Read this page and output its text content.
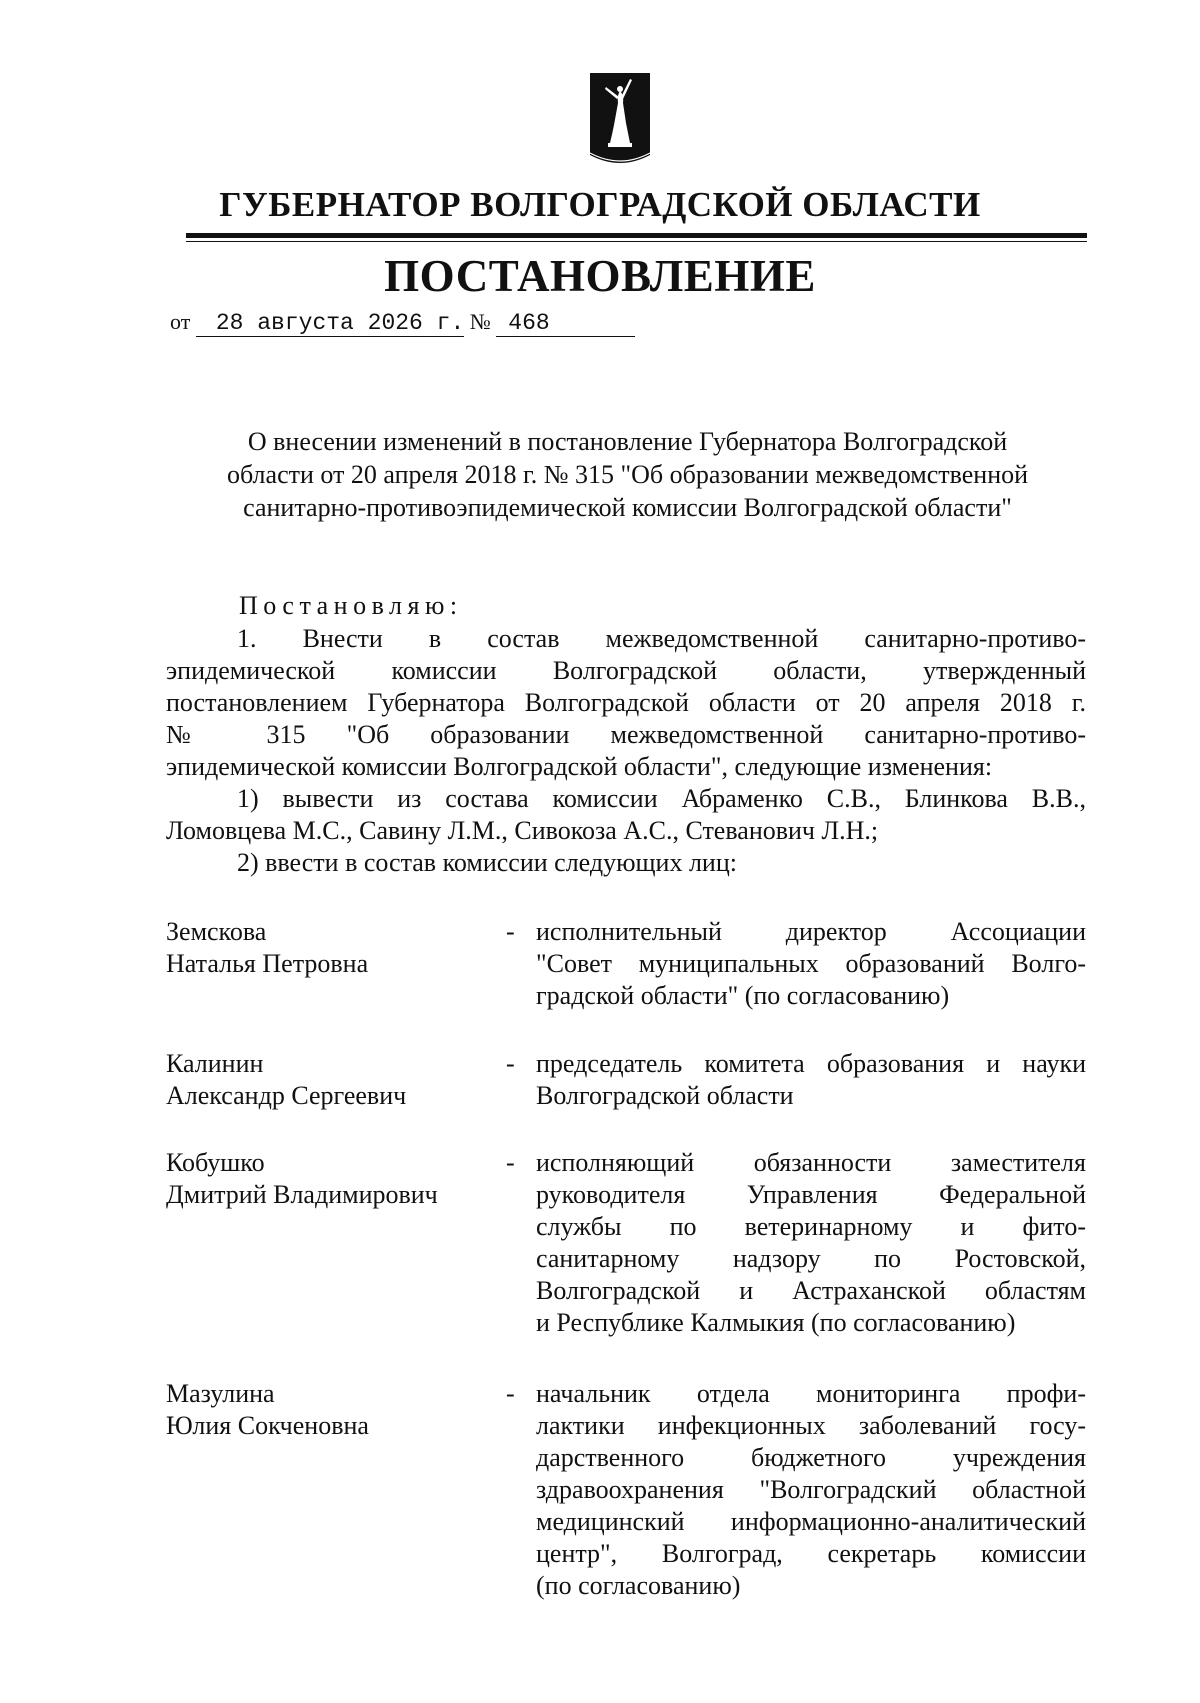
ГУБЕРНАТОР ВОЛГОГРАДСКОЙ ОБЛАСТИ
ПОСТАНОВЛЕНИЕ
от 28 августа 2026 г. № 468
О внесении изменений в постановление Губернатора Волгоградской
области от 20 апреля 2018 г. № 315 "Об образовании межведомственной
санитарно-противоэпидемической комиссии Волгоградской области"
Постановляю:
1. Внести в состав межведомственной санитарно-противо-
эпидемической комиссии Волгоградской области, утвержденный
постановлением Губернатора Волгоградской области от 20 апреля 2018 г.
№ 315 "Об образовании межведомственной санитарно-противо-
эпидемической комиссии Волгоградской области", следующие изменения:
1) вывести из состава комиссии Абраменко С.В., Блинкова В.В.,
Ломовцева М.С., Савину Л.М., Сивокоза А.С., Стеванович Л.Н.;
2) ввести в состав комиссии следующих лиц:
Земскова
Наталья Петровна
- исполнительный директор Ассоциации
"Совет муниципальных образований Волго-
градской области" (по согласованию)
Калинин
Александр Сергеевич
- председатель комитета образования и науки
Волгоградской области
Кобушко
Дмитрий Владимирович
- исполняющий обязанности заместителя
руководителя Управления Федеральной
службы по ветеринарному и фито-
санитарному надзору по Ростовской,
Волгоградской и Астраханской областям
и Республике Калмыкия (по согласованию)
Мазулина
Юлия Сокченовна
- начальник отдела мониторинга профи-
лактики инфекционных заболеваний госу-
дарственного бюджетного учреждения
здравоохранения "Волгоградский областной
медицинский информационно-аналитический
центр", Волгоград, секретарь комиссии
(по согласованию)
